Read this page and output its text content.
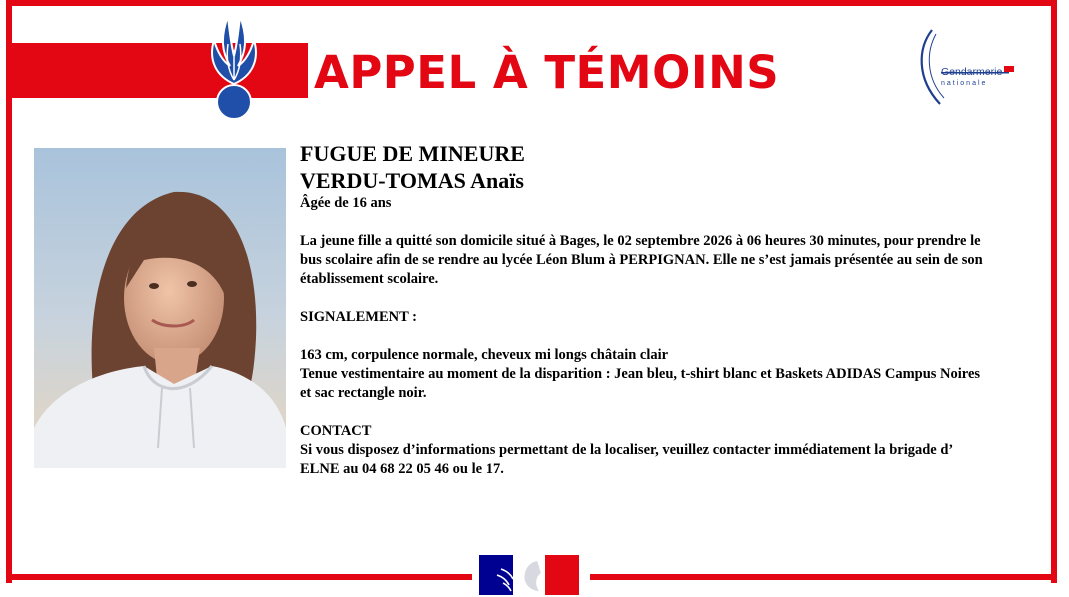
APPEL À TÉMOINS	Gendarmerie
nationale

FUGUE DE MINEURE

VERDU-TOMAS Anaïs

Âgée de 16 ans

La jeune fille a quitté son domicile situé à Bages, le 02 septembre 2026 à 06 heures 30 minutes, pour prendre le bus scolaire afin de se rendre au lycée Léon Blum à PERPIGNAN. Elle ne s’est jamais présentée au sein de son établissement scolaire.

SIGNALEMENT :

163 cm, corpulence normale, cheveux mi longs châtain clair

Tenue vestimentaire au moment de la disparition : Jean bleu, t-shirt blanc et Baskets ADIDAS Campus Noires et sac rectangle noir.

CONTACT

Si vous disposez d’informations permettant de la localiser, veuillez contacter immédiatement la brigade d’ ELNE au 04 68 22 05 46 ou le 17.
